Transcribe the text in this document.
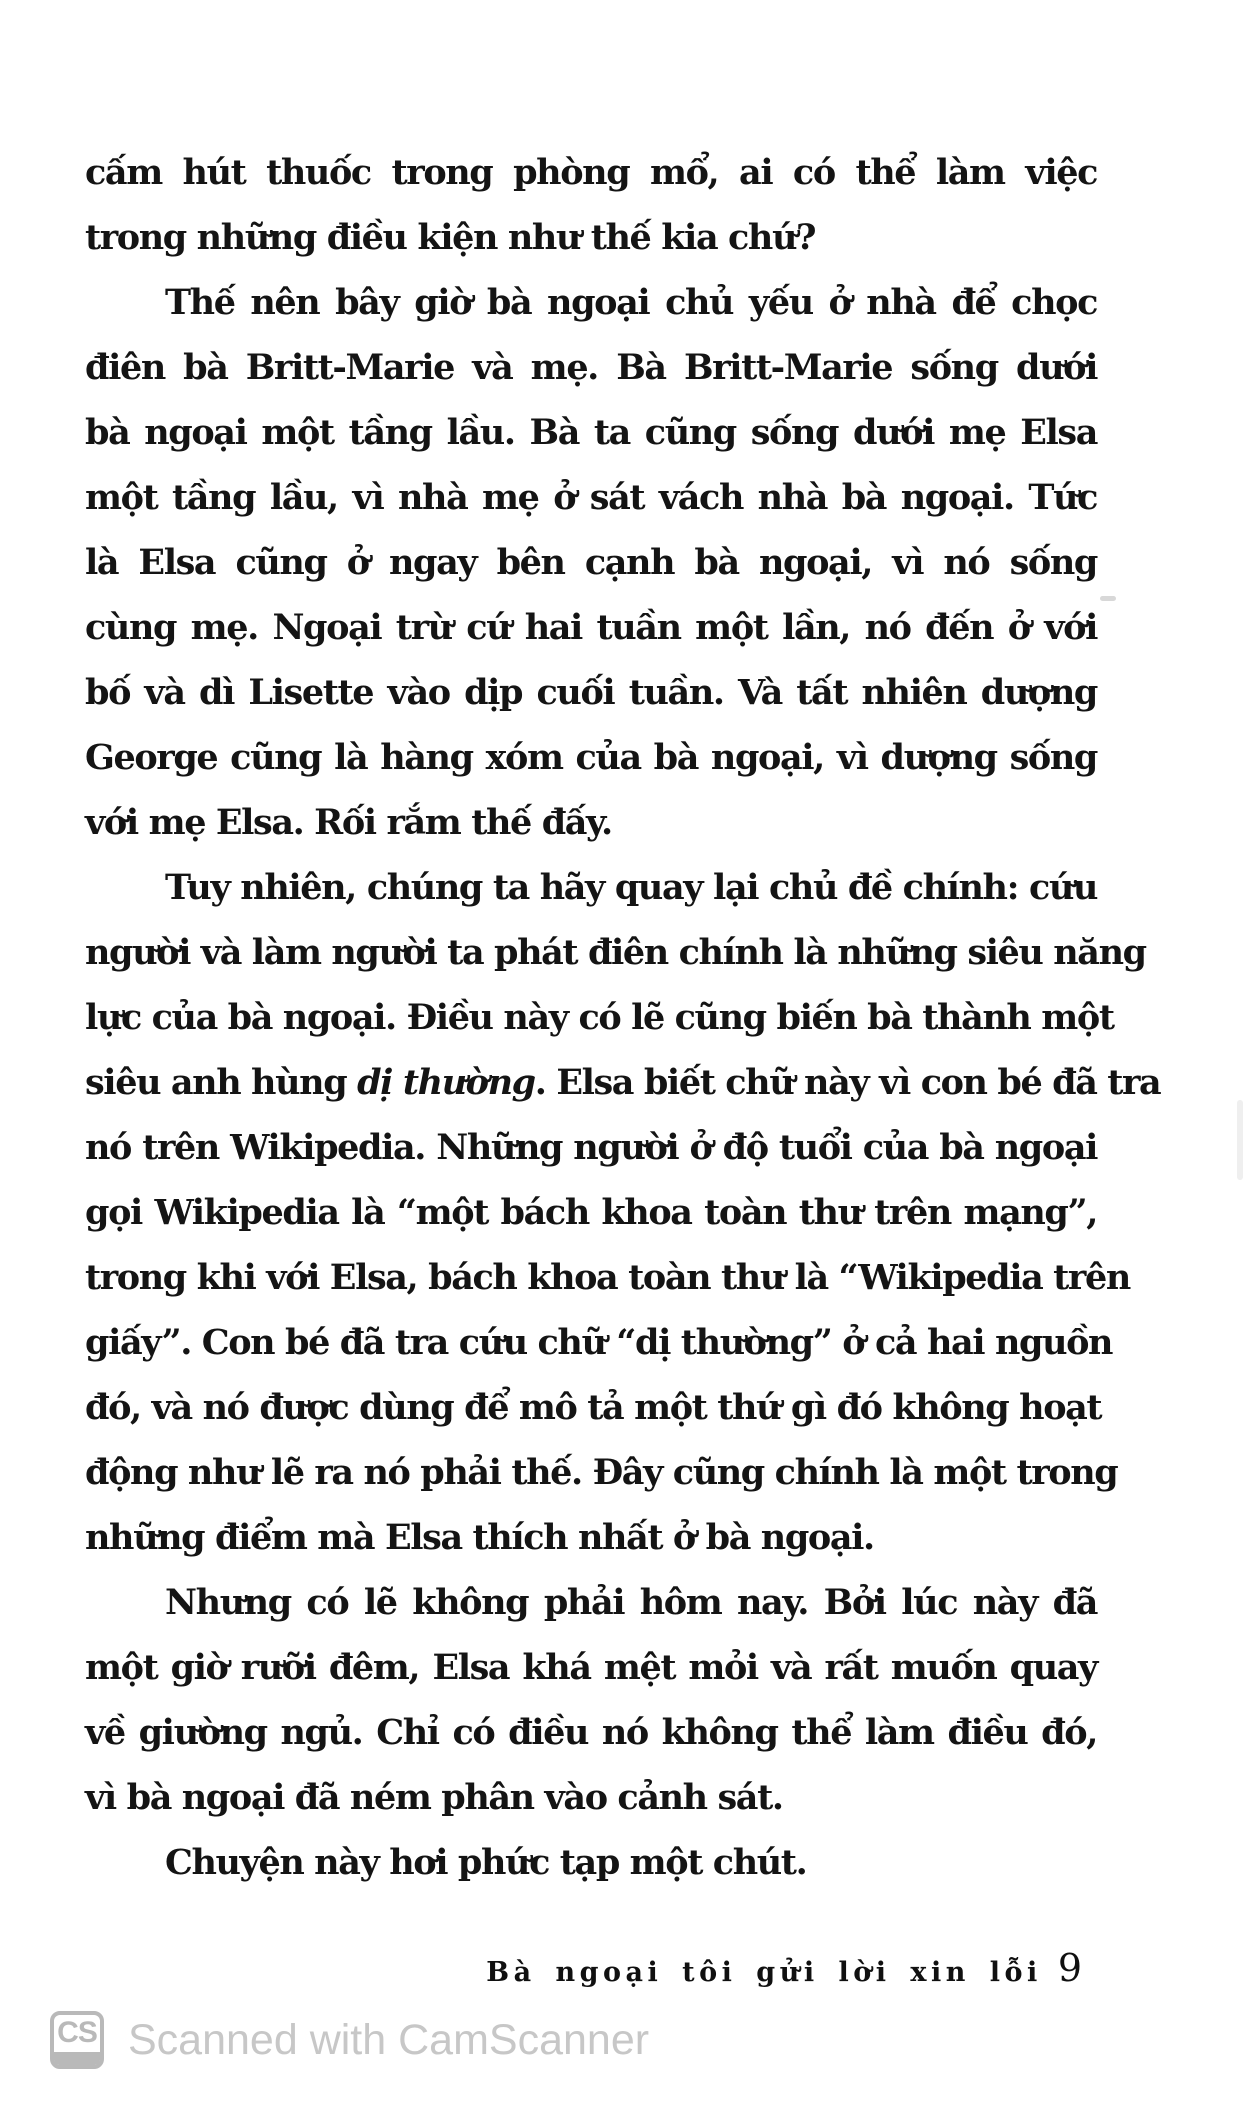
cấm hút thuốc trong phòng mổ, ai có thể làm việc
trong những điều kiện như thế kia chứ?
Thế nên bây giờ bà ngoại chủ yếu ở nhà để chọc
điên bà Britt-Marie và mẹ. Bà Britt-Marie sống dưới
bà ngoại một tầng lầu. Bà ta cũng sống dưới mẹ Elsa
một tầng lầu, vì nhà mẹ ở sát vách nhà bà ngoại. Tức
là Elsa cũng ở ngay bên cạnh bà ngoại, vì nó sống
cùng mẹ. Ngoại trừ cứ hai tuần một lần, nó đến ở với
bố và dì Lisette vào dịp cuối tuần. Và tất nhiên dượng
George cũng là hàng xóm của bà ngoại, vì dượng sống
với mẹ Elsa. Rối rắm thế đấy.
Tuy nhiên, chúng ta hãy quay lại chủ đề chính: cứu
người và làm người ta phát điên chính là những siêu năng
lực của bà ngoại. Điều này có lẽ cũng biến bà thành một
siêu anh hùng dị thường. Elsa biết chữ này vì con bé đã tra
nó trên Wikipedia. Những người ở độ tuổi của bà ngoại
gọi Wikipedia là “một bách khoa toàn thư trên mạng”,
trong khi với Elsa, bách khoa toàn thư là “Wikipedia trên
giấy”. Con bé đã tra cứu chữ “dị thường” ở cả hai nguồn
đó, và nó được dùng để mô tả một thứ gì đó không hoạt
động như lẽ ra nó phải thế. Đây cũng chính là một trong
những điểm mà Elsa thích nhất ở bà ngoại.
Nhưng có lẽ không phải hôm nay. Bởi lúc này đã
một giờ rưỡi đêm, Elsa khá mệt mỏi và rất muốn quay
về giường ngủ. Chỉ có điều nó không thể làm điều đó,
vì bà ngoại đã ném phân vào cảnh sát.
Chuyện này hơi phức tạp một chút.
Bà ngoại tôi gửi lời xin lỗi 9
CS Scanned with CamScanner
